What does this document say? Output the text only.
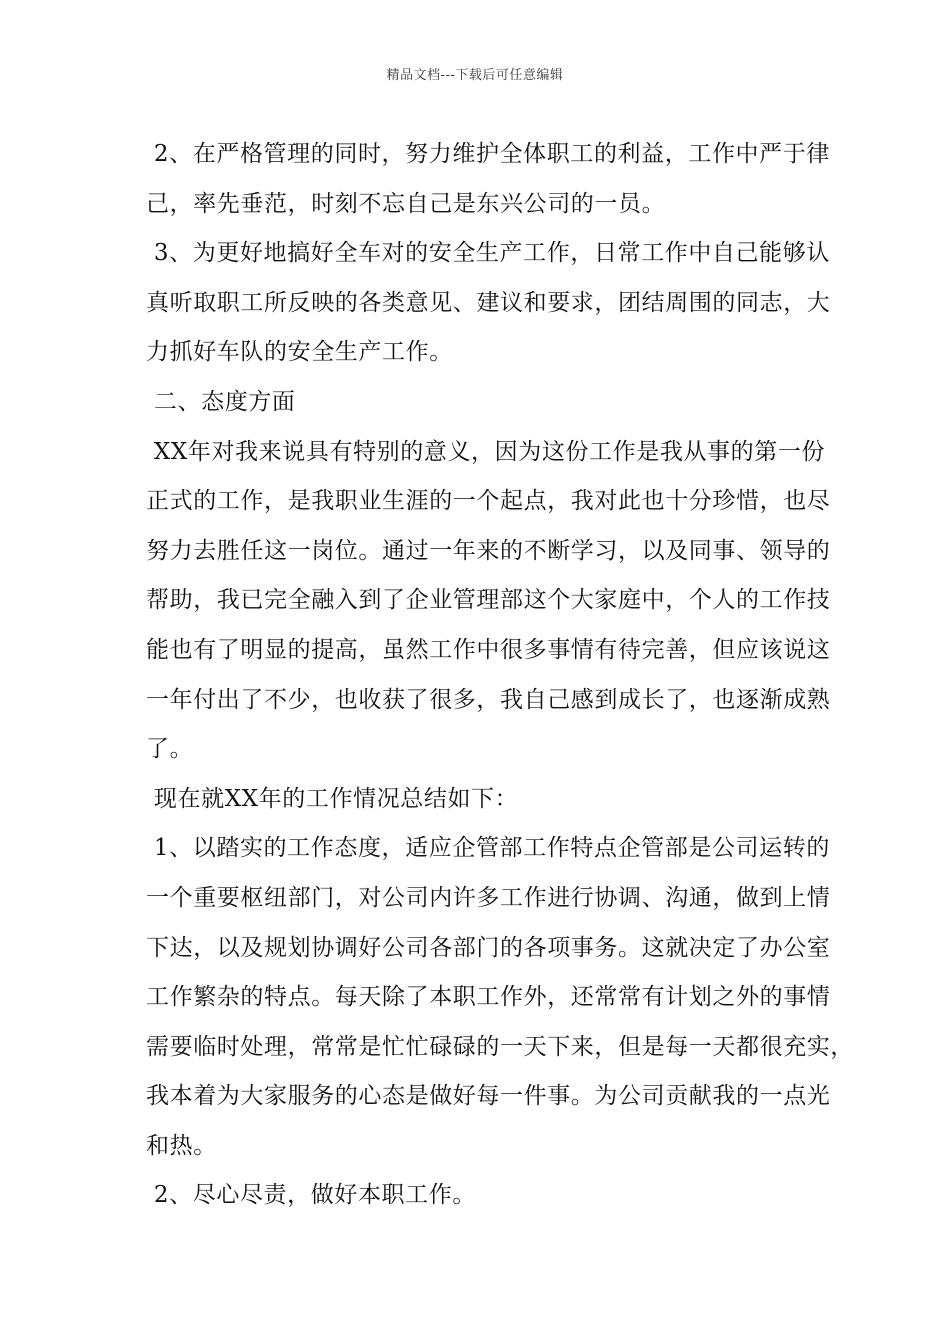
精品文档---下载后可任意编辑
2、在严格管理的同时，努力维护全体职工的利益，工作中严于律
己，率先垂范，时刻不忘自己是东兴公司的一员。
3、为更好地搞好全车对的安全生产工作，日常工作中自己能够认
真听取职工所反映的各类意见、建议和要求，团结周围的同志，大
力抓好车队的安全生产工作。
二、态度方面
XX年对我来说具有特别的意义，因为这份工作是我从事的第一份
正式的工作，是我职业生涯的一个起点，我对此也十分珍惜，也尽
努力去胜任这一岗位。通过一年来的不断学习，以及同事、领导的
帮助，我已完全融入到了企业管理部这个大家庭中，个人的工作技
能也有了明显的提高，虽然工作中很多事情有待完善，但应该说这
一年付出了不少，也收获了很多，我自己感到成长了，也逐渐成熟
了。
现在就XX年的工作情况总结如下：
1、以踏实的工作态度，适应企管部工作特点企管部是公司运转的
一个重要枢纽部门，对公司内许多工作进行协调、沟通，做到上情
下达，以及规划协调好公司各部门的各项事务。这就决定了办公室
工作繁杂的特点。每天除了本职工作外，还常常有计划之外的事情
需要临时处理，常常是忙忙碌碌的一天下来，但是每一天都很充实，
我本着为大家服务的心态是做好每一件事。为公司贡献我的一点光
和热。
2、尽心尽责，做好本职工作。
